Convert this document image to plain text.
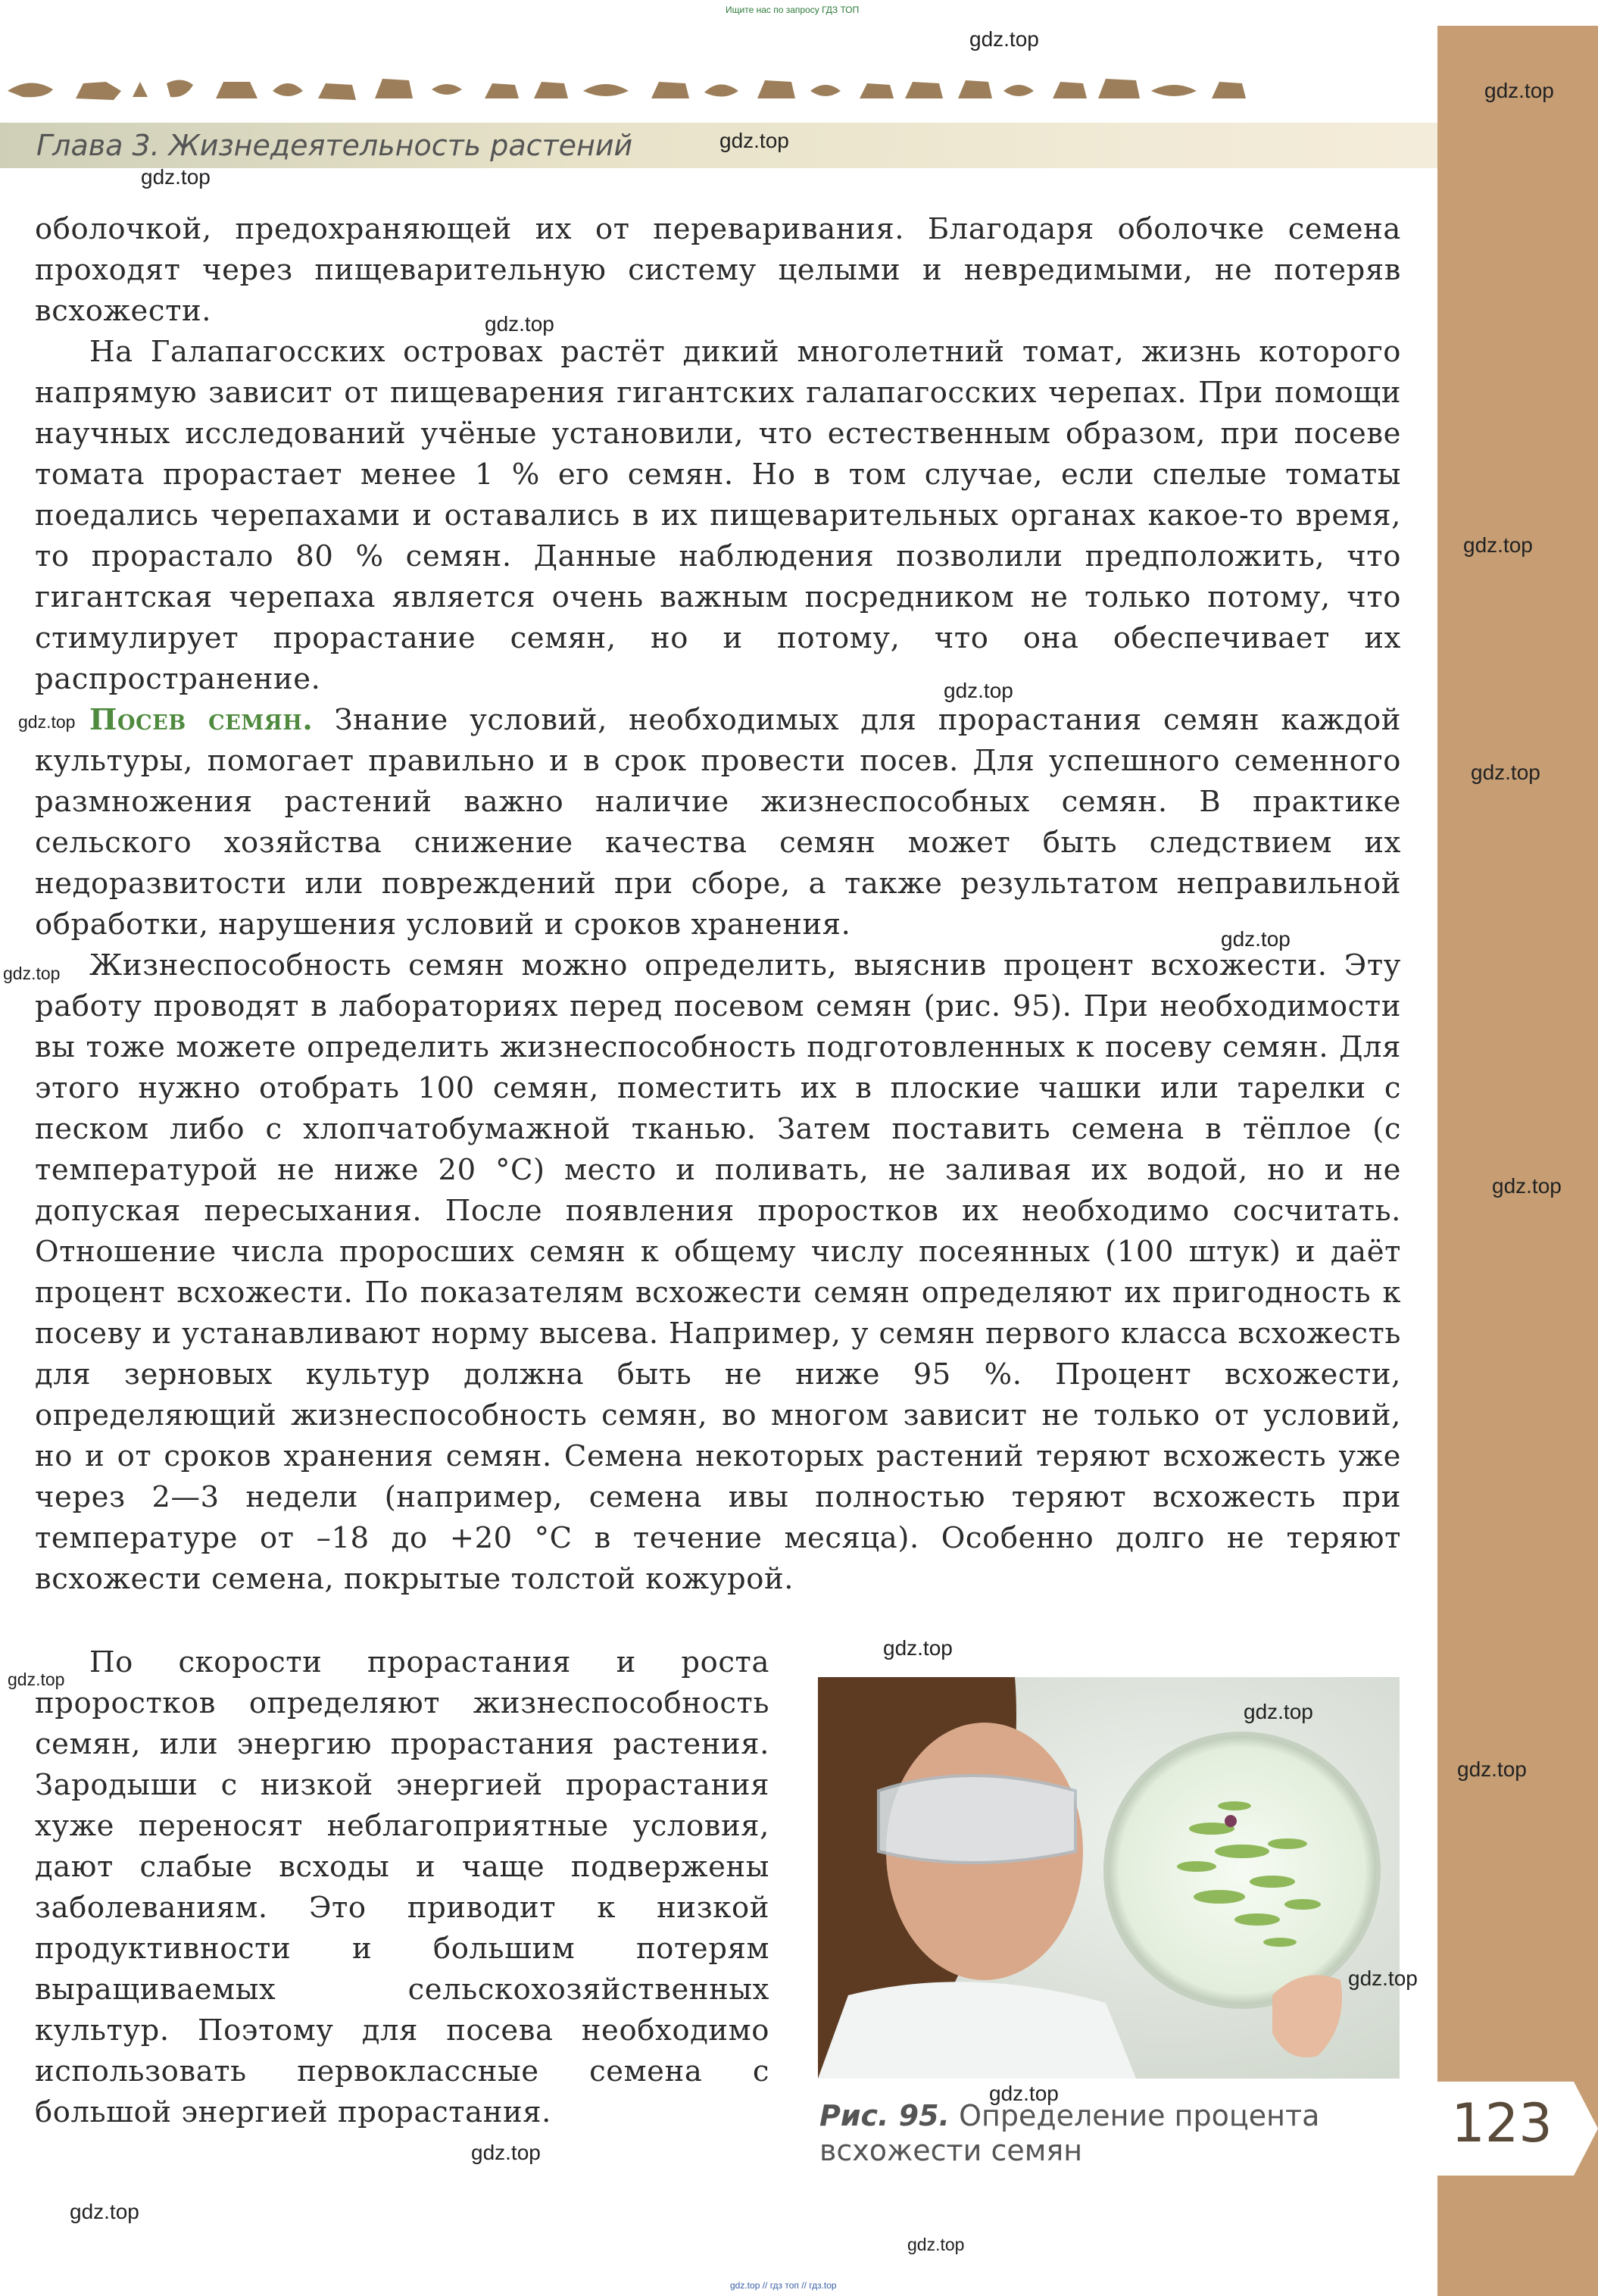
Ищите нас по запросу ГДЗ ТОП
Глава 3. Жизнедеятельность растений

оболочкой, предохраняющей их от переваривания. Благодаря оболочке семена проходят через пищеварительную систему целыми и невредимыми, не потеряв всхожести.

На Галапагосских островах растёт дикий многолетний томат, жизнь которого напрямую зависит от пищеварения гигантских галапагосских черепах. При помощи научных исследований учёные установили, что естественным образом, при посеве томата прорастает менее 1 % его семян. Но в том случае, если спелые томаты поедались черепахами и оставались в их пищеварительных органах какое-то время, то прорастало 80 % семян. Данные наблюдения позволили предположить, что гигантская черепаха является очень важным посредником не только потому, что стимулирует прорастание семян, но и потому, что она обеспечивает их распространение.

Посев семян. Знание условий, необходимых для прорастания семян каждой культуры, помогает правильно и в срок провести посев. Для успешного семенного размножения растений важно наличие жизнеспособных семян. В практике сельского хозяйства снижение качества семян может быть следствием их недоразвитости или повреждений при сборе, а также результатом неправильной обработки, нарушения условий и сроков хранения.

Жизнеспособность семян можно определить, выяснив процент всхожести. Эту работу проводят в лабораториях перед посевом семян (рис. 95). При необходимости вы тоже можете определить жизнеспособность подготовленных к посеву семян. Для этого нужно отобрать 100 семян, поместить их в плоские чашки или тарелки с песком либо с хлопчатобумажной тканью. Затем поставить семена в тёплое (с температурой не ниже 20 °С) место и поливать, не заливая их водой, но и не допуская пересыхания. После появления проростков их необходимо сосчитать. Отношение числа проросших семян к общему числу посеянных (100 штук) и даёт процент всхожести. По показателям всхожести семян определяют их пригодность к посеву и устанавливают норму высева. Например, у семян первого класса всхожесть для зерновых культур должна быть не ниже 95 %. Процент всхожести, определяющий жизнеспособность семян, во многом зависит не только от условий, но и от сроков хранения семян. Семена некоторых растений теряют всхожесть уже через 2—3 недели (например, семена ивы полностью теряют всхожесть при температуре от –18 до +20 °С в течение месяца). Особенно долго не теряют всхожести семена, покрытые толстой кожурой.

По скорости прорастания и роста проростков определяют жизнеспособность семян, или энергию прорастания растения. Зародыши с низкой энергией прорастания хуже переносят неблагоприятные условия, дают слабые всходы и чаще подвержены заболеваниям. Это приводит к низкой продуктивности и большим потерям выращиваемых сельскохозяйственных культур. Поэтому для посева необходимо использовать первоклассные семена с большой энергией прорастания.	Рис. 95. Определение процента всхожести семян	123
gdz.top
gdz.top
gdz.top
gdz.top
gdz.top
gdz.top
gdz.top
gdz.top
gdz.top
gdz.top
gdz.top
gdz.top
gdz.top
gdz.top
gdz.top
gdz.top
gdz.top
gdz.top
gdz.top
gdz.top
gdz.top
gdz.top // гдз топ // гдз.top
